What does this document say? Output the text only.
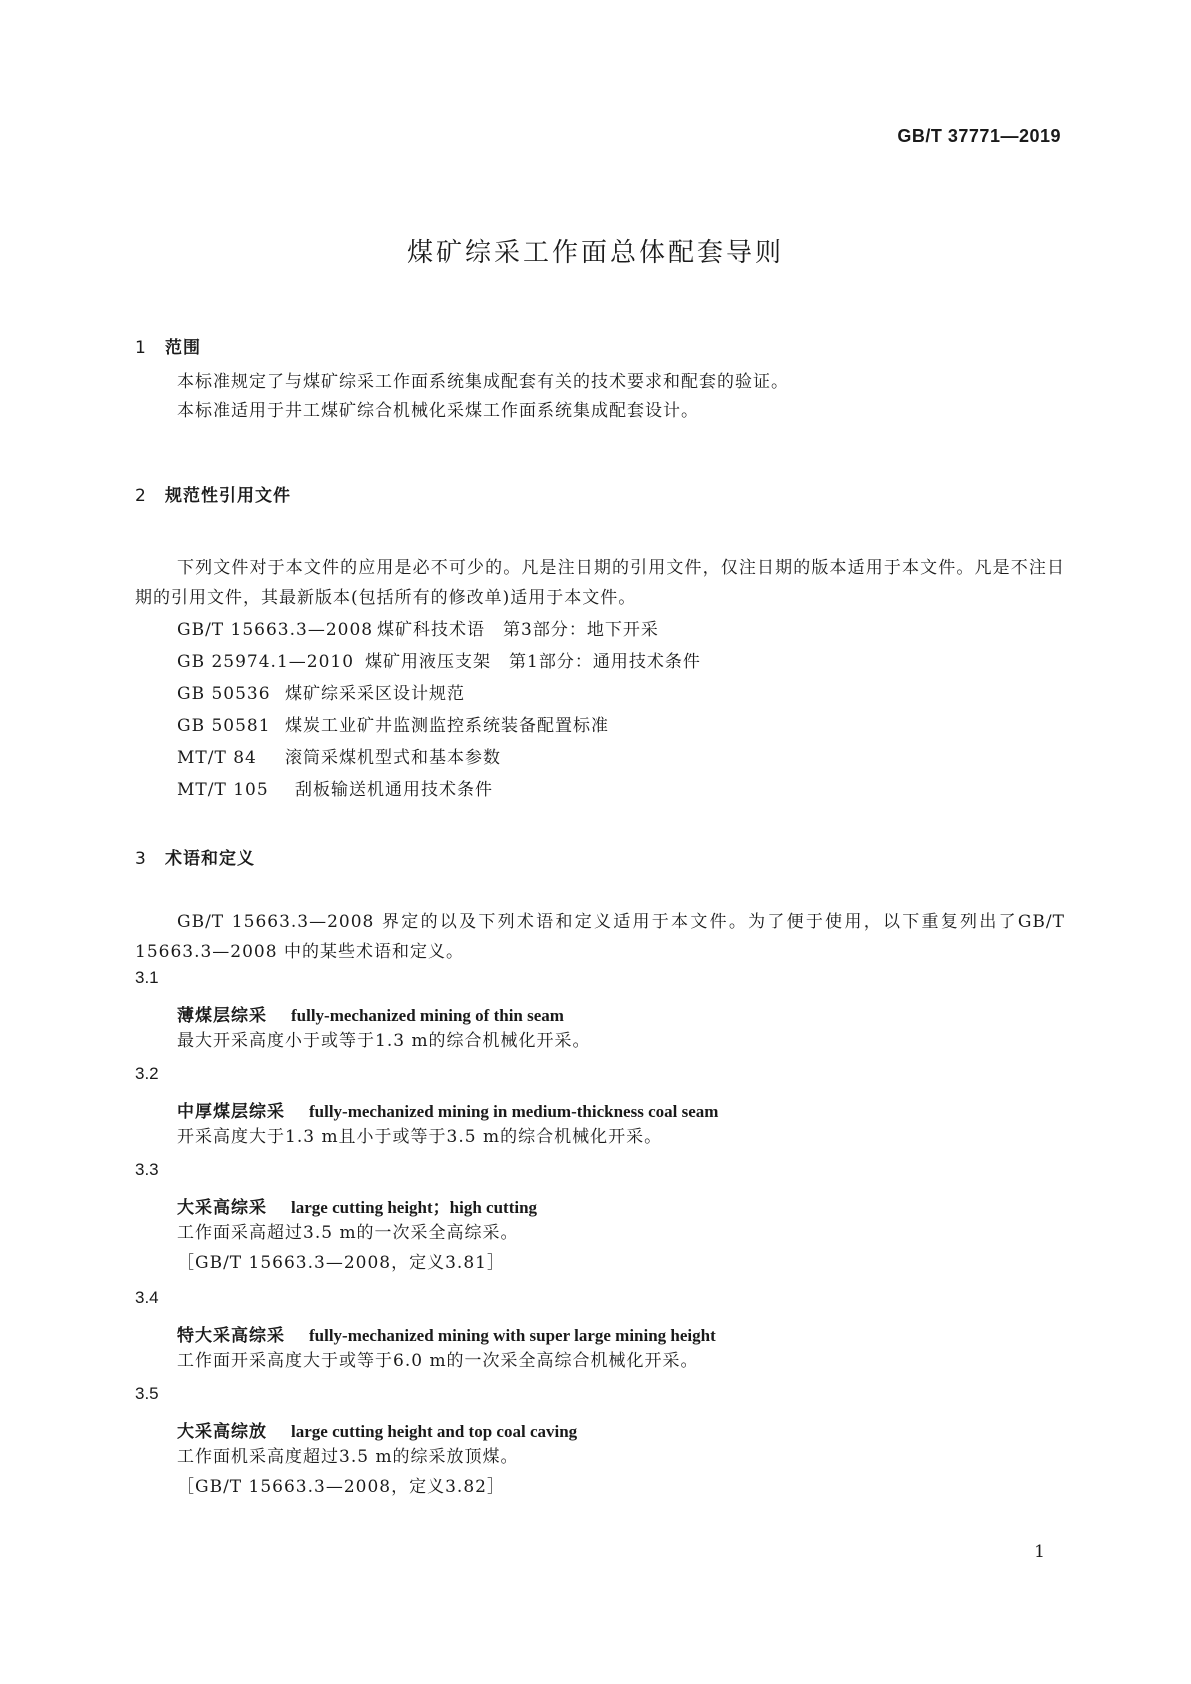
GB/T 37771—2019
煤矿综采工作面总体配套导则
1 范围
本标准规定了与煤矿综采工作面系统集成配套有关的技术要求和配套的验证。
本标准适用于井工煤矿综合机械化采煤工作面系统集成配套设计。
2 规范性引用文件
下列文件对于本文件的应用是必不可少的。凡是注日期的引用文件，仅注日期的版本适用于本文件。凡是不注日期的引用文件，其最新版本(包括所有的修改单)适用于本文件。
GB/T 15663.3—2008 煤矿科技术语　第3部分：地下开采
GB 25974.1—2010 煤矿用液压支架　第1部分：通用技术条件
GB 50536 煤矿综采采区设计规范
GB 50581 煤炭工业矿井监测监控系统装备配置标准
MT/T 84 滚筒采煤机型式和基本参数
MT/T 105 刮板输送机通用技术条件
3 术语和定义
GB/T 15663.3—2008 界定的以及下列术语和定义适用于本文件。为了便于使用，以下重复列出了GB/T 15663.3—2008 中的某些术语和定义。
3.1
薄煤层综采 fully-mechanized mining of thin seam
最大开采高度小于或等于1.3 m的综合机械化开采。
3.2
中厚煤层综采 fully-mechanized mining in medium-thickness coal seam
开采高度大于1.3 m且小于或等于3.5 m的综合机械化开采。
3.3
大采高综采 large cutting height；high cutting
工作面采高超过3.5 m的一次采全高综采。
［GB/T 15663.3—2008，定义3.81］
3.4
特大采高综采 fully-mechanized mining with super large mining height
工作面开采高度大于或等于6.0 m的一次采全高综合机械化开采。
3.5
大采高综放 large cutting height and top coal caving
工作面机采高度超过3.5 m的综采放顶煤。
［GB/T 15663.3—2008，定义3.82］
1
